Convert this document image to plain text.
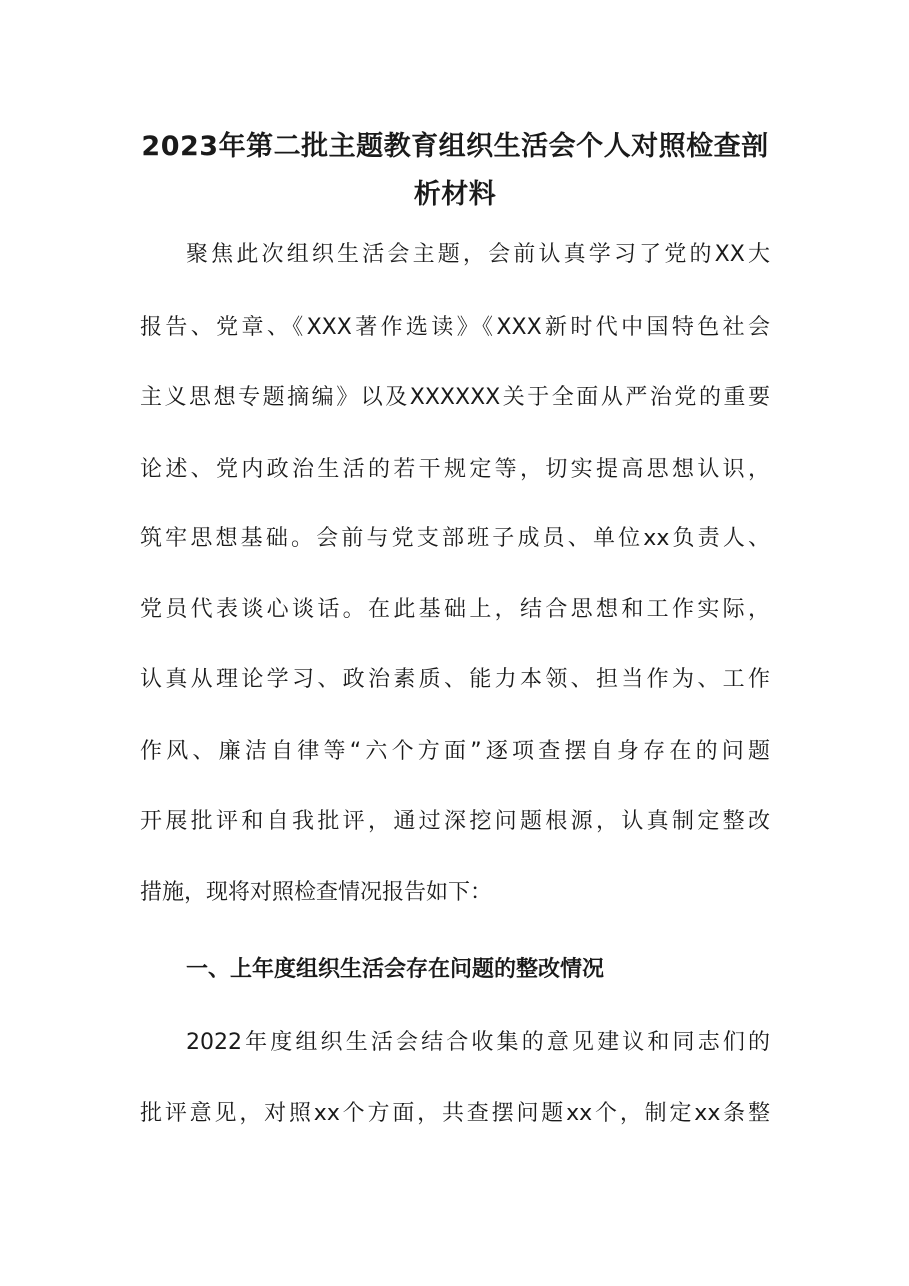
2023年第二批主题教育组织生活会个人对照检查剖
析材料
聚焦此次组织生活会主题，会前认真学习了党的XX大
报告、党章、《XXX著作选读》《XXX新时代中国特色社会
主义思想专题摘编》以及XXXXXX关于全面从严治党的重要
论述、党内政治生活的若干规定等，切实提高思想认识，
筑牢思想基础。会前与党支部班子成员、单位xx负责人、
党员代表谈心谈话。在此基础上，结合思想和工作实际，
认真从理论学习、政治素质、能力本领、担当作为、工作
作风、廉洁自律等“六个方面”逐项查摆自身存在的问题
开展批评和自我批评，通过深挖问题根源，认真制定整改
措施，现将对照检查情况报告如下：
一、上年度组织生活会存在问题的整改情况
2022年度组织生活会结合收集的意见建议和同志们的
批评意见，对照xx个方面，共查摆问题xx个，制定xx条整
